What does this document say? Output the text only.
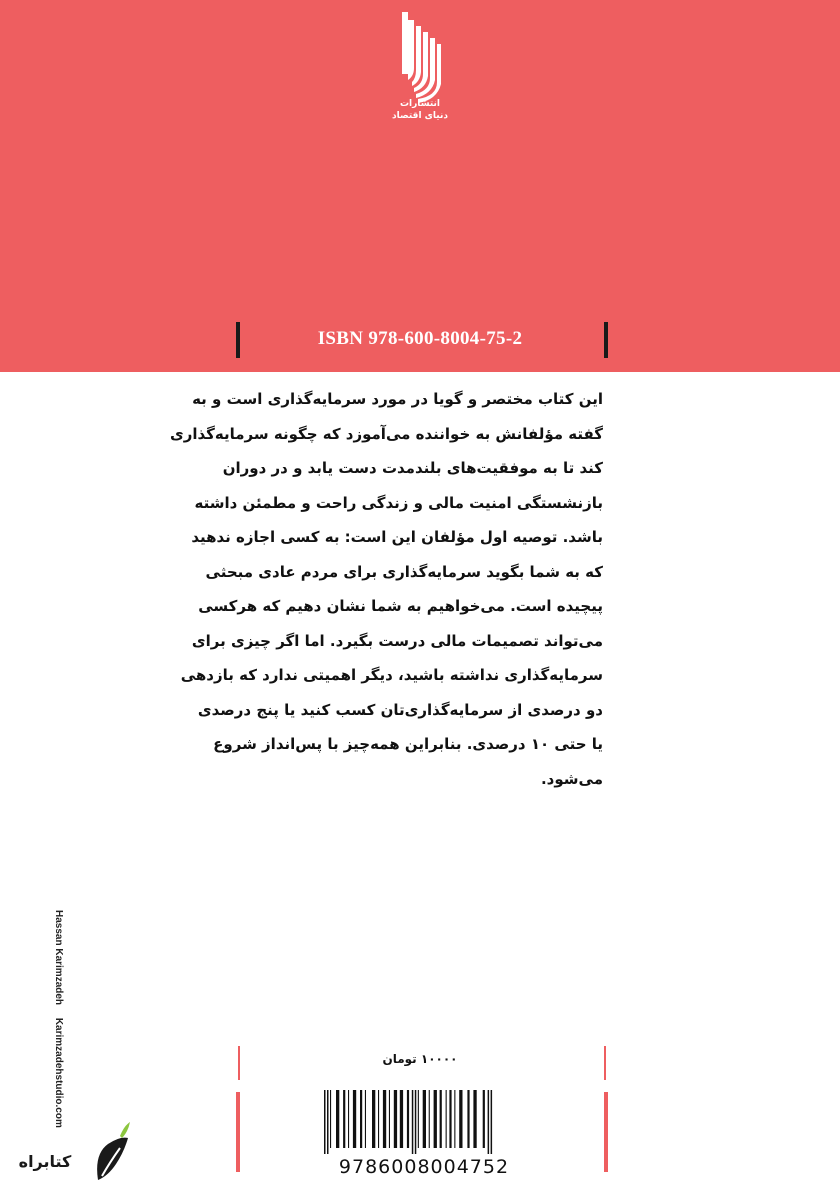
انتشارات
دنیای اقتصاد
ISBN 978-600-8004-75-2

این کتاب مختصر و گویا در مورد سرمایه‌گذاری است و به

گفته مؤلفانش به خواننده می‌آموزد که چگونه سرمایه‌گذاری

کند تا به موفقیت‌های بلندمدت دست یابد و در دوران

بازنشستگی امنیت مالی و زندگی راحت و مطمئن داشته

باشد. توصیه اول مؤلفان این است: به کسی اجازه ندهید

که به شما بگوید سرمایه‌گذاری برای مردم عادی مبحثی

پیچیده است. می‌خواهیم به شما نشان دهیم که هرکسی

می‌تواند تصمیمات مالی درست بگیرد. اما اگر چیزی برای

سرمایه‌گذاری نداشته باشید، دیگر اهمیتی ندارد که بازدهی

دو درصدی از سرمایه‌گذاری‌تان کسب کنید یا پنج درصدی

یا حتی ۱۰ درصدی. بنابراین همه‌چیز با پس‌انداز شروع

می‌شود.

Hassan Karimzadeh Karimzadehstudio.com	۱۰۰۰۰ تومان
9786008004752
کتابراه
